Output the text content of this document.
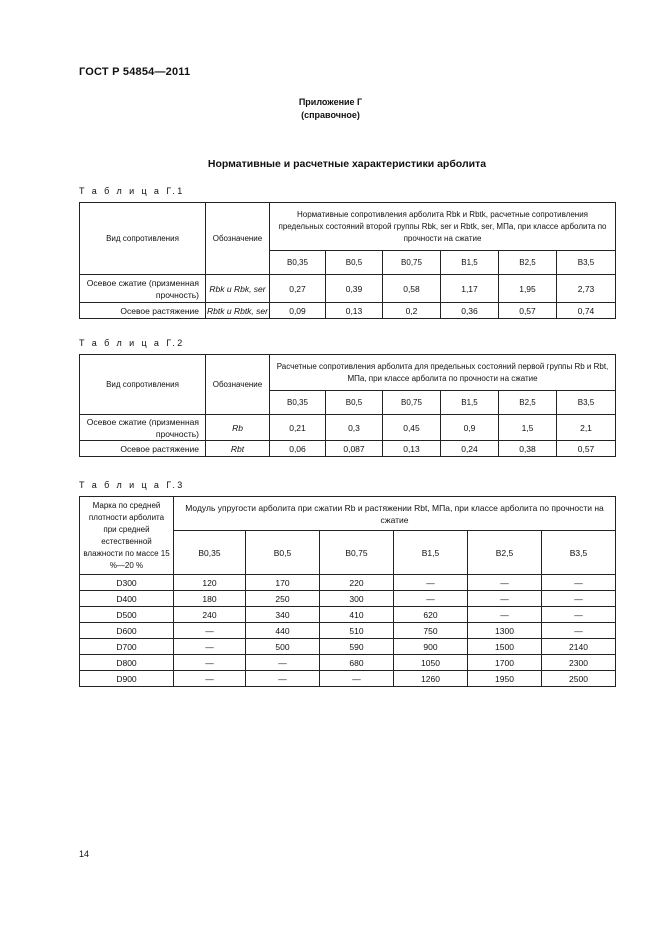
ГОСТ Р 54854—2011
Приложение Г
(справочное)
Нормативные и расчетные характеристики арболита
Т а б л и ц а Г.1
Вид сопротивления	Обозначение	Нормативные сопротивления арболита Rbk и Rbtk, расчетные сопротивления предельных состояний второй группы Rbk, ser и Rbtk, ser, МПа, при классе арболита по прочности на сжатие					
		B0,35	B0,5	B0,75	B1,5	B2,5	B3,5
Осевое сжатие (призменная прочность)	Rbk и Rbk, ser	0,27	0,39	0,58	1,17	1,95	2,73
Осевое растяжение	Rbtk и Rbtk, ser	0,09	0,13	0,2	0,36	0,57	0,74
Т а б л и ц а Г.2
Вид сопротивления	Обозначение	Расчетные сопротивления арболита для предельных состояний первой группы Rb и Rbt, МПа, при классе арболита по прочности на сжатие					
		B0,35	B0,5	B0,75	B1,5	B2,5	B3,5
Осевое сжатие (призменная прочность)	Rb	0,21	0,3	0,45	0,9	1,5	2,1
Осевое растяжение	Rbt	0,06	0,087	0,13	0,24	0,38	0,57
Т а б л и ц а Г.3
Марка по средней плотности арболита при средней естественной влажности по массе 15 %—20 %	Модуль упругости арболита при сжатии Rb и растяжении Rbt, МПа, при классе арболита по прочности на сжатие					
	B0,35	B0,5	B0,75	B1,5	B2,5	B3,5
D300	120	170	220	—	—	—
D400	180	250	300	—	—	—
D500	240	340	410	620	—	—
D600	—	440	510	750	1300	—
D700	—	500	590	900	1500	2140
D800	—	—	680	1050	1700	2300
D900	—	—	—	1260	1950	2500
14
